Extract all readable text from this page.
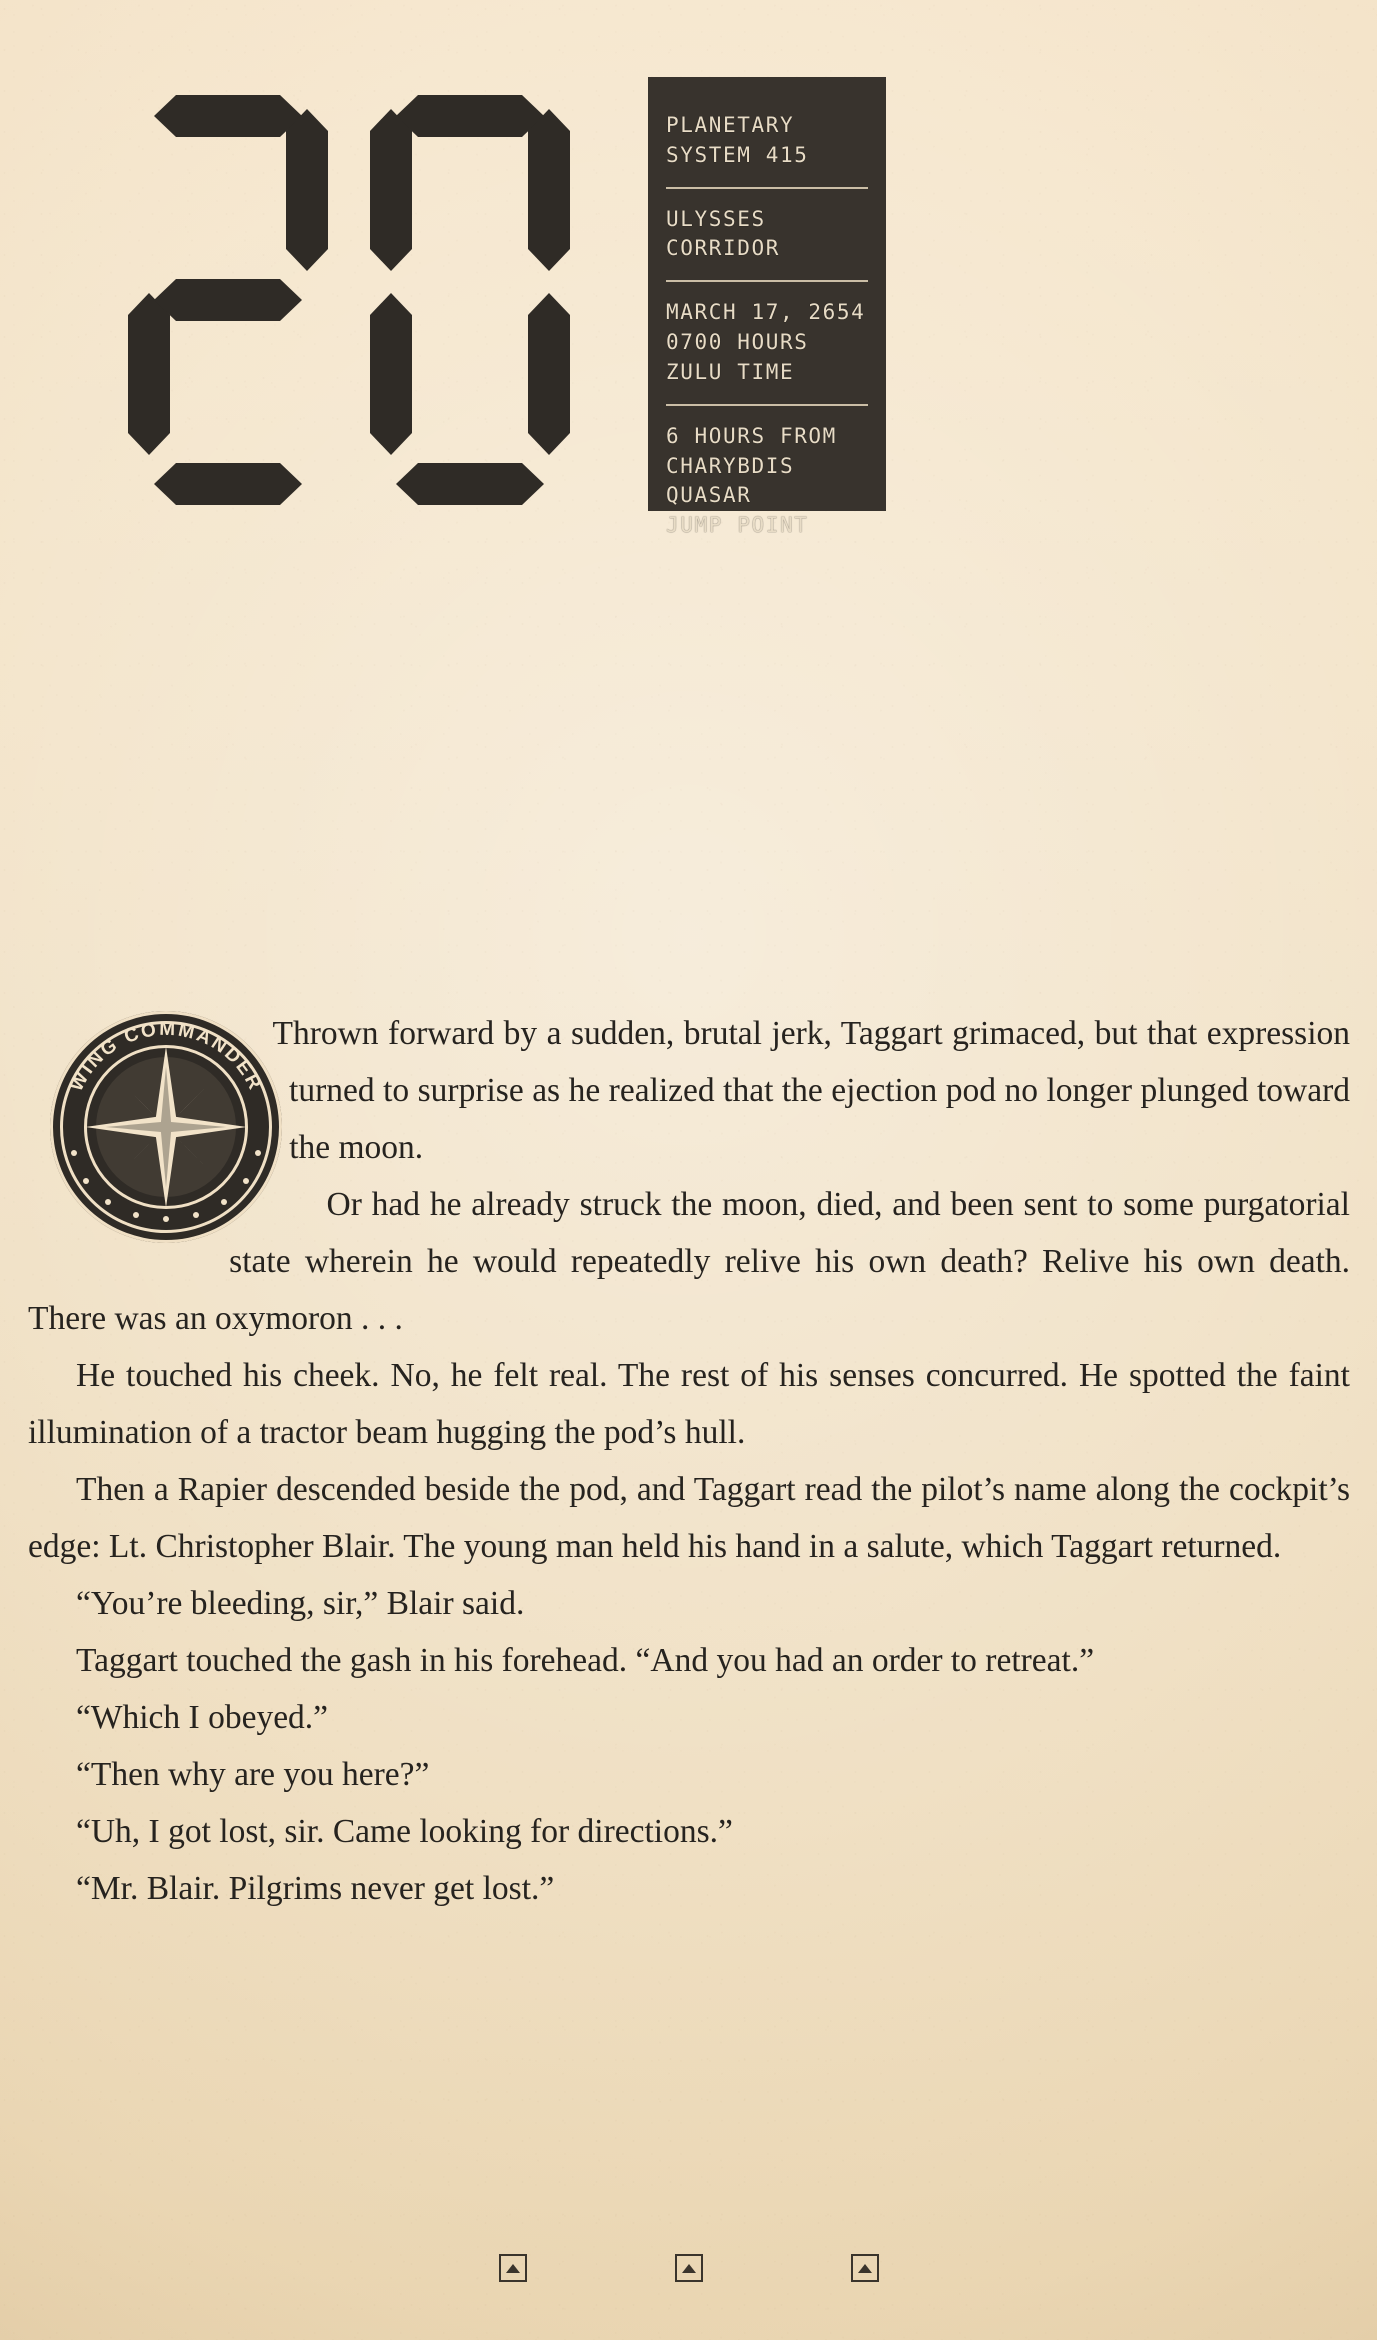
PLANETARY
SYSTEM 415
ULYSSES CORRIDOR
MARCH 17, 2654
0700 HOURS
ZULU TIME
6 HOURS FROM
CHARYBDIS QUASAR
JUMP POINT
WING COMMANDER

Thrown forward by a sudden, brutal jerk, Taggart grimaced, but that expression turned to surprise as he realized that the ejection pod no longer plunged toward the moon.

Or had he already struck the moon, died, and been sent to some purgatorial state wherein he would repeatedly relive his own death? Relive his own death. There was an oxymoron . . .

He touched his cheek. No, he felt real. The rest of his senses concurred. He spotted the faint illumination of a tractor beam hugging the pod’s hull.

Then a Rapier descended beside the pod, and Taggart read the pilot’s name along the cockpit’s edge: Lt. Christopher Blair. The young man held his hand in a salute, which Taggart returned.

“You’re bleeding, sir,” Blair said.

Taggart touched the gash in his forehead. “And you had an order to retreat.”

“Which I obeyed.”

“Then why are you here?”

“Uh, I got lost, sir. Came looking for directions.”

“Mr. Blair. Pilgrims never get lost.”
